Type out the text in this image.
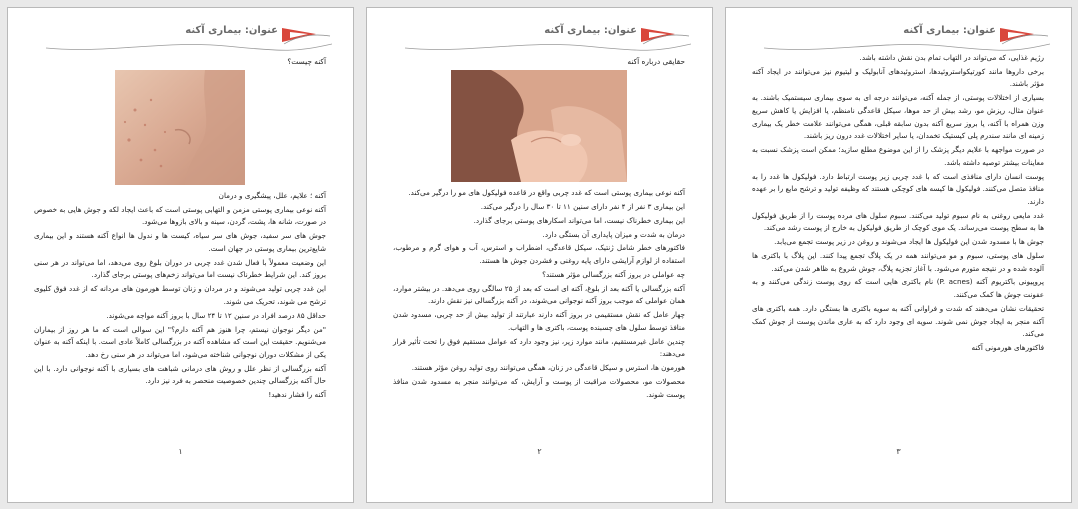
عنوان: بیماری آکنه

آکنه چیست؟

آکنه ؛ علایم، علل، پیشگیری و درمان

آکنه نوعی بیماری پوستی مزمن و التهابی پوستی است که باعث ایجاد لکه و جوش هایی به خصوص در صورت، شانه ها، پشت، گردن، سینه و بالای بازوها می‌شود.

جوش های سر سفید، جوش های سر سیاه، کیست ها و ندول ها انواع آکنه هستند و این بیماری شایع‌ترین بیماری پوستی در جهان است.

این وضعیت معمولاً با فعال شدن غدد چربی در دوران بلوغ روی می‌دهد، اما می‌تواند در هر سنی بروز کند. این شرایط خطرناک نیست اما می‌تواند زخم‌های پوستی برجای گذارد.

این غدد چربی تولید می‌شوند و در مردان و زنان توسط هورمون های مردانه که از غدد فوق کلیوی ترشح می شوند، تحریک می شوند.

حداقل ۸۵ درصد افراد در سنین ۱۲ تا ۲۴ سال با بروز آکنه مواجه می‌شوند.

"من دیگر نوجوان نیستم، چرا هنوز هم آکنه دارم؟" این سوالی است که ما هر روز از بیماران می‌شنویم. حقیقت این است که مشاهده آکنه در بزرگسالی کاملاً عادی است. با اینکه آکنه به عنوان یکی از مشکلات دوران نوجوانی شناخته می‌شود، اما می‌تواند در هر سنی رخ دهد.

آکنه بزرگسالی از نظر علل و روش های درمانی شباهت های بسیاری با آکنه نوجوانی دارد. با این حال آکنه بزرگسالی چندین خصوصیت منحصر به فرد نیز دارد.

آکنه را فشار ندهید!

۱
عنوان: بیماری آکنه

حقایقی درباره آکنه

آکنه نوعی بیماری پوستی است که غدد چربی واقع در قاعده فولیکول های مو را درگیر می‌کند.

این بیماری ۳ نفر از ۴ نفر دارای سنین ۱۱ تا ۳۰ سال را درگیر می‌کند.

این بیماری خطرناک نیست، اما می‌تواند اسکارهای پوستی برجای گذارد.

درمان به شدت و میزان پایداری آن بستگی دارد.

فاکتورهای خطر شامل ژنتیک، سیکل قاعدگی، اضطراب و استرس، آب و هوای گرم و مرطوب، استفاده از لوازم آرایشی دارای پایه روغنی و فشردن جوش ها هستند.

چه عواملی در بروز آکنه بزرگسالی مؤثر هستند؟

آکنه بزرگسالی یا آکنه بعد از بلوغ، آکنه ای است که بعد از ۲۵ سالگی روی می‌دهد. در بیشتر موارد، همان عواملی که موجب بروز آکنه نوجوانی می‌شوند، در آکنه بزرگسالی نیز نقش دارند.

چهار عامل که نقش مستقیمی در بروز آکنه دارند عبارتند از تولید بیش از حد چربی، مسدود شدن منافذ توسط سلول های چسبنده پوست، باکتری ها و التهاب.

چندین عامل غیرمستقیم، مانند موارد زیر، نیز وجود دارد که عوامل مستقیم فوق را تحت تأثیر قرار می‌دهند:

هورمون ها، استرس و سیکل قاعدگی در زنان، همگی می‌توانند روی تولید روغن مؤثر هستند.

محصولات مو، محصولات مراقبت از پوست و آرایش، که می‌توانند منجر به مسدود شدن منافذ پوست شوند.

۲
عنوان: بیماری آکنه

رژیم غذایی، که می‌تواند در التهاب تمام بدن نقش داشته باشد.

برخی داروها مانند کورتیکواستروئیدها، استروئیدهای آنابولیک و لیتیوم نیز می‌توانند در ایجاد آکنه مؤثر باشند.

بسیاری از اختلالات پوستی، از جمله آکنه، می‌توانند درجه ای به سوی بیماری سیستمیک باشند. به عنوان مثال، ریزش مو، رشد بیش از حد موها، سیکل قاعدگی نامنظم، یا افزایش یا کاهش سریع وزن همراه با آکنه، یا بروز سریع آکنه بدون سابقه قبلی، همگی می‌توانند علامت خطر یک بیماری زمینه ای مانند سندرم پلی کیستیک تخمدان، یا سایر اختلالات غدد درون ریز باشند.

در صورت مواجهه با علایم دیگر پزشک را از این موضوع مطلع سازید؛ ممکن است پزشک نسبت به معاینات بیشتر توصیه داشته باشد.

پوست انسان دارای منافذی است که با غدد چربی زیر پوست ارتباط دارد. فولیکول ها غدد را به منافذ متصل می‌کنند. فولیکول ها کیسه های کوچکی هستند که وظیفه تولید و ترشح مایع را بر عهده دارند.

غدد مایعی روغنی به نام سبوم تولید می‌کنند. سبوم سلول های مرده پوست را از طریق فولیکول ها به سطح پوست می‌رساند. یک موی کوچک از طریق فولیکول به خارج از پوست رشد می‌کند.

جوش ها با مسدود شدن این فولیکول ها ایجاد می‌شوند و روغن در زیر پوست تجمع می‌یابد.

سلول های پوستی، سبوم و مو می‌توانند همه در یک پلاگ تجمع پیدا کنند. این پلاگ با باکتری ها آلوده شده و در نتیجه متورم می‌شود. با آغاز تجزیه پلاگ، جوش شروع به ظاهر شدن می‌کند.

پروپیونی باکتریوم آکنه (P. acnes) نام باکتری هایی است که روی پوست زندگی می‌کنند و به عفونت جوش ها کمک می‌کنند.

تحقیقات نشان می‌دهند که شدت و فراوانی آکنه به سویه باکتری ها بستگی دارد. همه باکتری های آکنه منجر به ایجاد جوش نمی شوند. سویه ای وجود دارد که به عاری ماندن پوست از جوش کمک می‌کند.

فاکتورهای هورمونی آکنه

۳
